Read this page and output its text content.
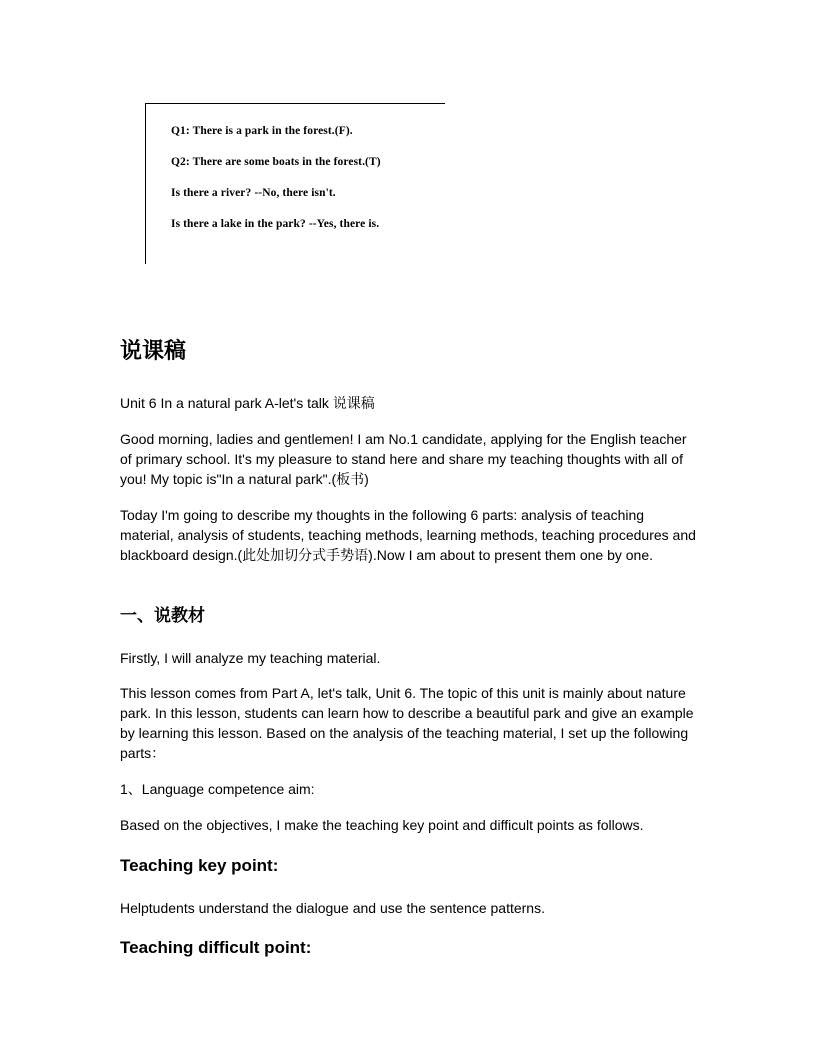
Q1: There is a park in the forest.(F).
Q2: There are some boats in the forest.(T)
Is there a river? --No, there isn't.
Is there a lake in the park? --Yes, there is.
说课稿

Unit 6 In a natural park A-let's talk 说课稿

Good morning, ladies and gentlemen! I am No.1 candidate, applying for the English teacher of primary school. It's my pleasure to stand here and share my teaching thoughts with all of you! My topic is"In a natural park".(板书)

Today I'm going to describe my thoughts in the following 6 parts: analysis of teaching material, analysis of students, teaching methods, learning methods, teaching procedures and blackboard design.(此处加切分式手势语).Now I am about to present them one by one.

一、说教材

Firstly, I will analyze my teaching material.

This lesson comes from Part A, let's talk, Unit 6. The topic of this unit is mainly about nature park. In this lesson, students can learn how to describe a beautiful park and give an example by learning this lesson. Based on the analysis of the teaching material, I set up the following parts：

1、Language competence aim:

Based on the objectives, I make the teaching key point and difficult points as follows.

Teaching key point:

Helptudents understand the dialogue and use the sentence patterns.

Teaching difficult point:
